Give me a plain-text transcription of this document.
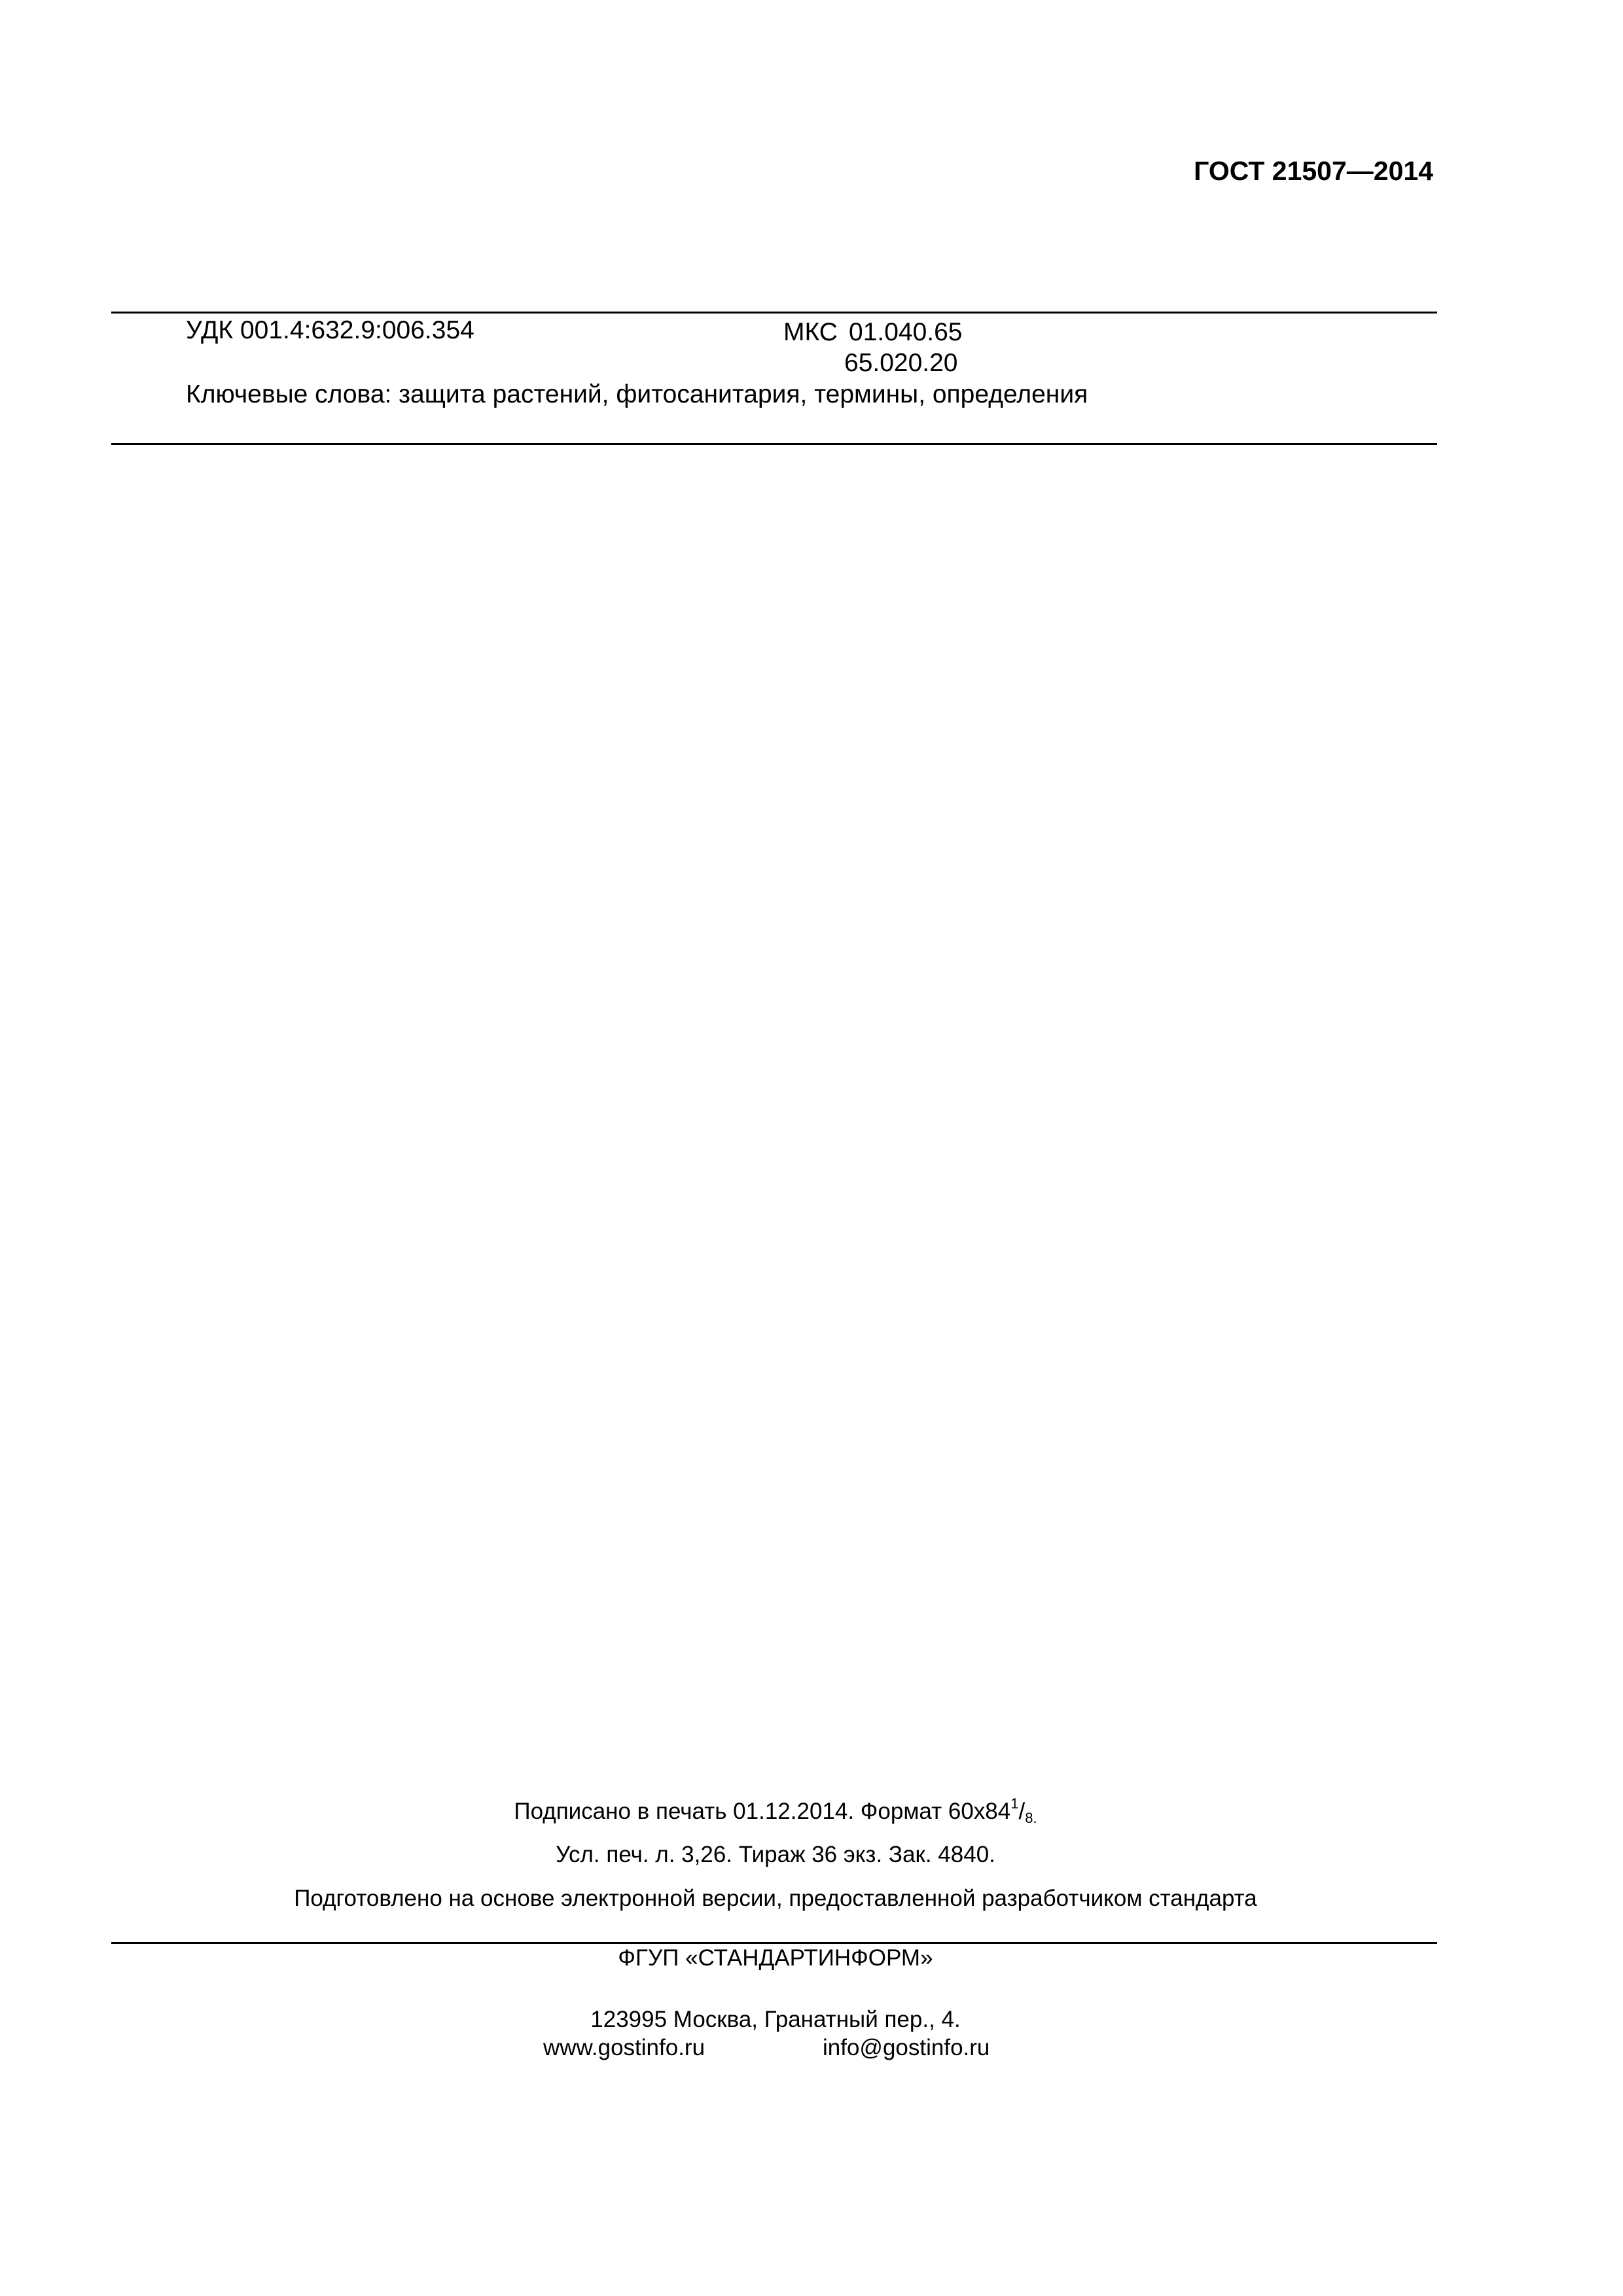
ГОСТ 21507—2014
УДК 001.4:632.9:006.354	МКС 01.040.65
65.020.20
Ключевые слова: защита растений, фитосанитария, термины, определения
Подписано в печать 01.12.2014. Формат $60x84^1/8$.
Усл. печ. л. 3,26. Тираж 36 экз. Зак. 4840.
Подготовлено на основе электронной версии, предоставленной разработчиком стандарта
ФГУП «СТАНДАРТИНФОРМ»
123995 Москва, Гранатный пер., 4.
www.gostinfo.ru	info@gostinfo.ru
